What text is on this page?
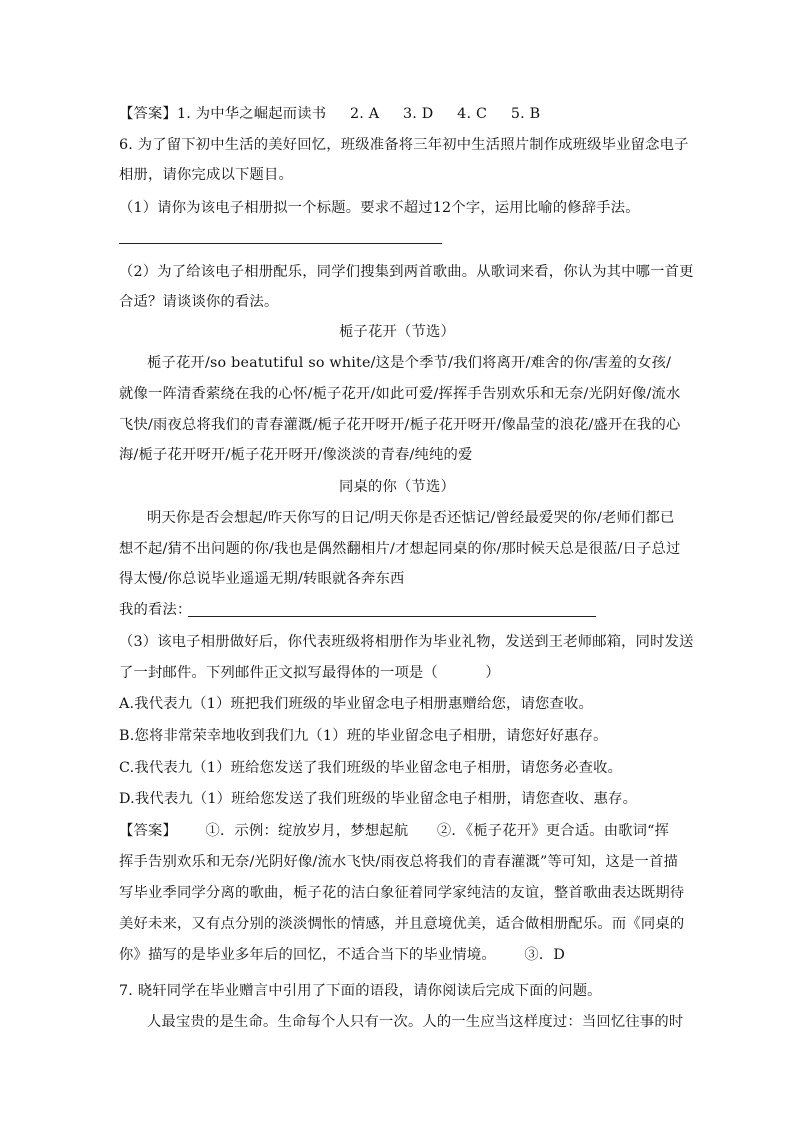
【答案】1. 为中华之崛起而读书     2. A     3. D     4. C     5. B
6. 为了留下初中生活的美好回忆，班级准备将三年初中生活照片制作成班级毕业留念电子
相册，请你完成以下题目。
（1）请你为该电子相册拟一个标题。要求不超过12个字，运用比喻的修辞手法。
（2）为了给该电子相册配乐，同学们搜集到两首歌曲。从歌词来看，你认为其中哪一首更
合适？请谈谈你的看法。
栀子花开（节选）
栀子花开/so beatutiful so white/这是个季节/我们将离开/难舍的你/害羞的女孩/
就像一阵清香萦绕在我的心怀/栀子花开/如此可爱/挥挥手告别欢乐和无奈/光阴好像/流水
飞快/雨夜总将我们的青春灌溉/栀子花开呀开/栀子花开呀开/像晶莹的浪花/盛开在我的心
海/栀子花开呀开/栀子花开呀开/像淡淡的青春/纯纯的爱
同桌的你（节选）
明天你是否会想起/昨天你写的日记/明天你是否还惦记/曾经最爱哭的你/老师们都已
想不起/猜不出问题的你/我也是偶然翻相片/才想起同桌的你/那时候天总是很蓝/日子总过
得太慢/你总说毕业遥遥无期/转眼就各奔东西
我的看法：
（3）该电子相册做好后，你代表班级将相册作为毕业礼物，发送到王老师邮箱，同时发送
了一封邮件。下列邮件正文拟写最得体的一项是（          ）
A.我代表九（1）班把我们班级的毕业留念电子相册惠赠给您，请您查收。
B.您将非常荣幸地收到我们九（1）班的毕业留念电子相册，请您好好惠存。
C.我代表九（1）班给您发送了我们班级的毕业留念电子相册，请您务必查收。
D.我代表九（1）班给您发送了我们班级的毕业留念电子相册，请您查收、惠存。
【答案】      ①．示例：绽放岁月，梦想起航      ②．《栀子花开》更合适。由歌词“挥
挥手告别欢乐和无奈/光阴好像/流水飞快/雨夜总将我们的青春灌溉”等可知，这是一首描
写毕业季同学分离的歌曲，栀子花的洁白象征着同学家纯洁的友谊，整首歌曲表达既期待
美好未来，又有点分别的淡淡惆怅的情感，并且意境优美，适合做相册配乐。而《同桌的
你》描写的是毕业多年后的回忆，不适合当下的毕业情境。      ③．D
7. 晓轩同学在毕业赠言中引用了下面的语段，请你阅读后完成下面的问题。
人最宝贵的是生命。生命每个人只有一次。人的一生应当这样度过：当回忆往事的时
